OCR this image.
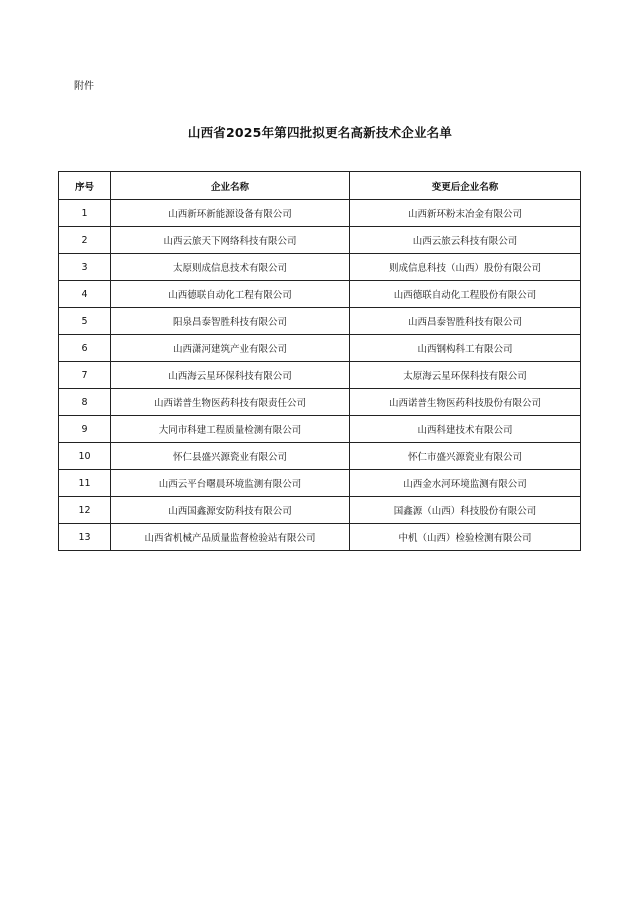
附件
山西省2025年第四批拟更名高新技术企业名单
序号	企业名称	变更后企业名称
1	山西新环新能源设备有限公司	山西新环粉末冶金有限公司
2	山西云旅天下网络科技有限公司	山西云旅云科技有限公司
3	太原则成信息技术有限公司	则成信息科技（山西）股份有限公司
4	山西德联自动化工程有限公司	山西德联自动化工程股份有限公司
5	阳泉昌泰智胜科技有限公司	山西昌泰智胜科技有限公司
6	山西潇河建筑产业有限公司	山西钢构科工有限公司
7	山西海云星环保科技有限公司	太原海云星环保科技有限公司
8	山西诺普生物医药科技有限责任公司	山西诺普生物医药科技股份有限公司
9	大同市科建工程质量检测有限公司	山西科建技术有限公司
10	怀仁县盛兴源瓷业有限公司	怀仁市盛兴源瓷业有限公司
11	山西云平台曙晨环境监测有限公司	山西金水河环境监测有限公司
12	山西国鑫源安防科技有限公司	国鑫源（山西）科技股份有限公司
13	山西省机械产品质量监督检验站有限公司	中机（山西）检验检测有限公司
